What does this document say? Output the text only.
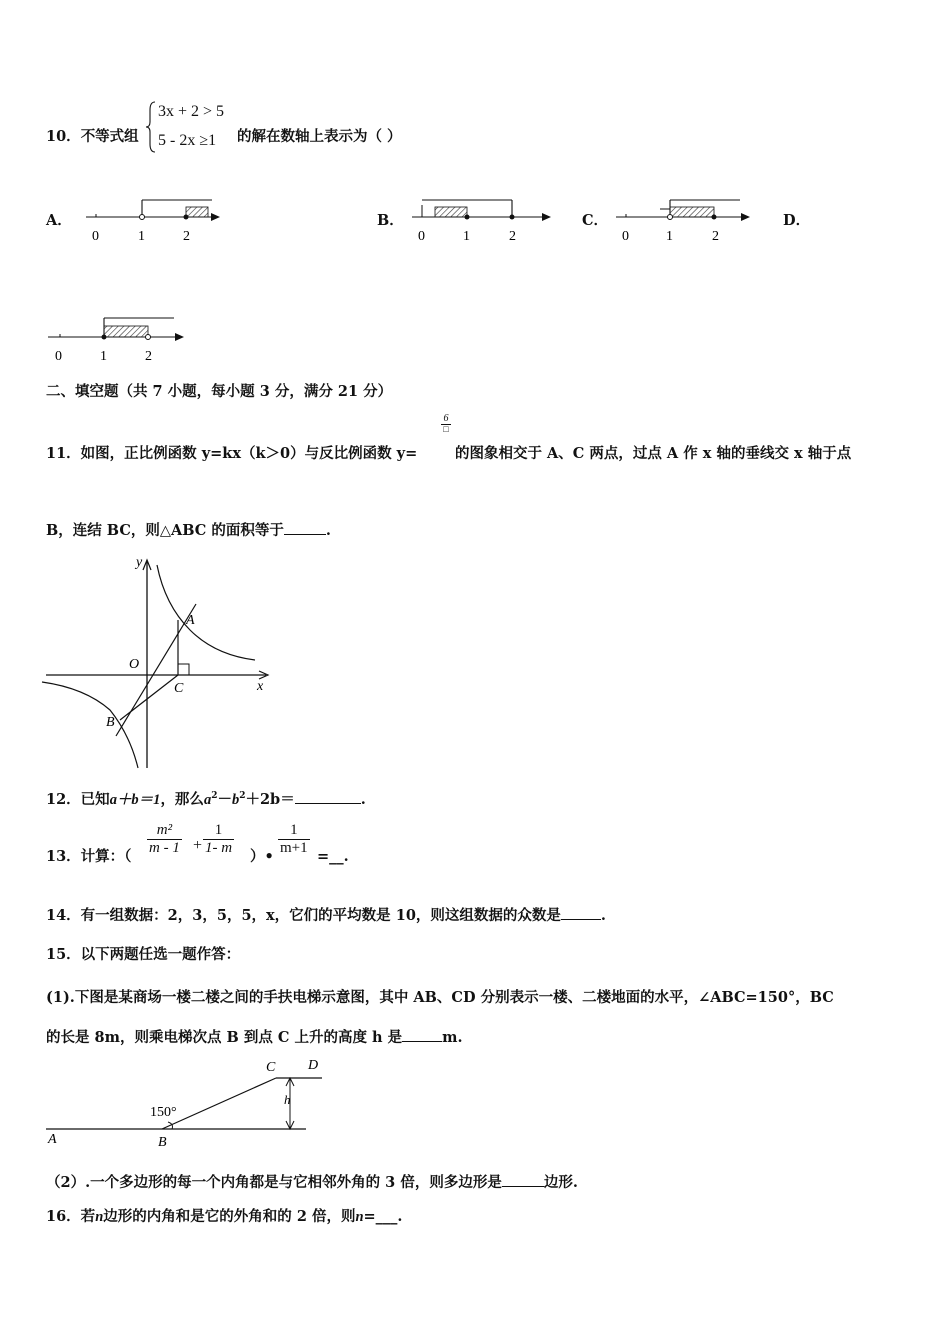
10．不等式组
3x + 2 > 5
5 - 2x ≥1 的解在数轴上表示为（ ）
A．	B．	C．	D．
0	1	2	0	1	2	0	1	2
0	1	2
二、填空题（共 7 小题，每小题 3 分，满分 21 分）
11．如图，正比例函数 y=kx（k＞0）与反比例函数 y=
6
□
的图象相交于 A、C 两点，过点 A 作 x 轴的垂线交 x 轴于点
B，连结 BC，则△ABC 的面积等于	.
y
x
O
A
C
B
12．已知a＋b＝1，那么$a^2-b^2+2b=$	.
13．计算：（ $\frac{\text{m²}}{m - 1} + \frac{1}{1- m}$ ）• $\frac{1}{m+1}$ =__.
14．有一组数据：2，3，5，5，x，它们的平均数是 10，则这组数据的众数是	.
15．以下两题任选一题作答：
(1).下图是某商场一楼二楼之间的手扶电梯示意图，其中 AB、CD 分别表示一楼、二楼地面的水平，∠ABC=150°，BC
的长是 8m，则乘电梯次点 B 到点 C 上升的高度 h 是	m.
A	B
C D
h
150°
（2）.一个多边形的每一个内角都是与它相邻外角的 3 倍，则多边形是	边形.
16．若n边形的内角和是它的外角和的 2 倍，则n=___.
